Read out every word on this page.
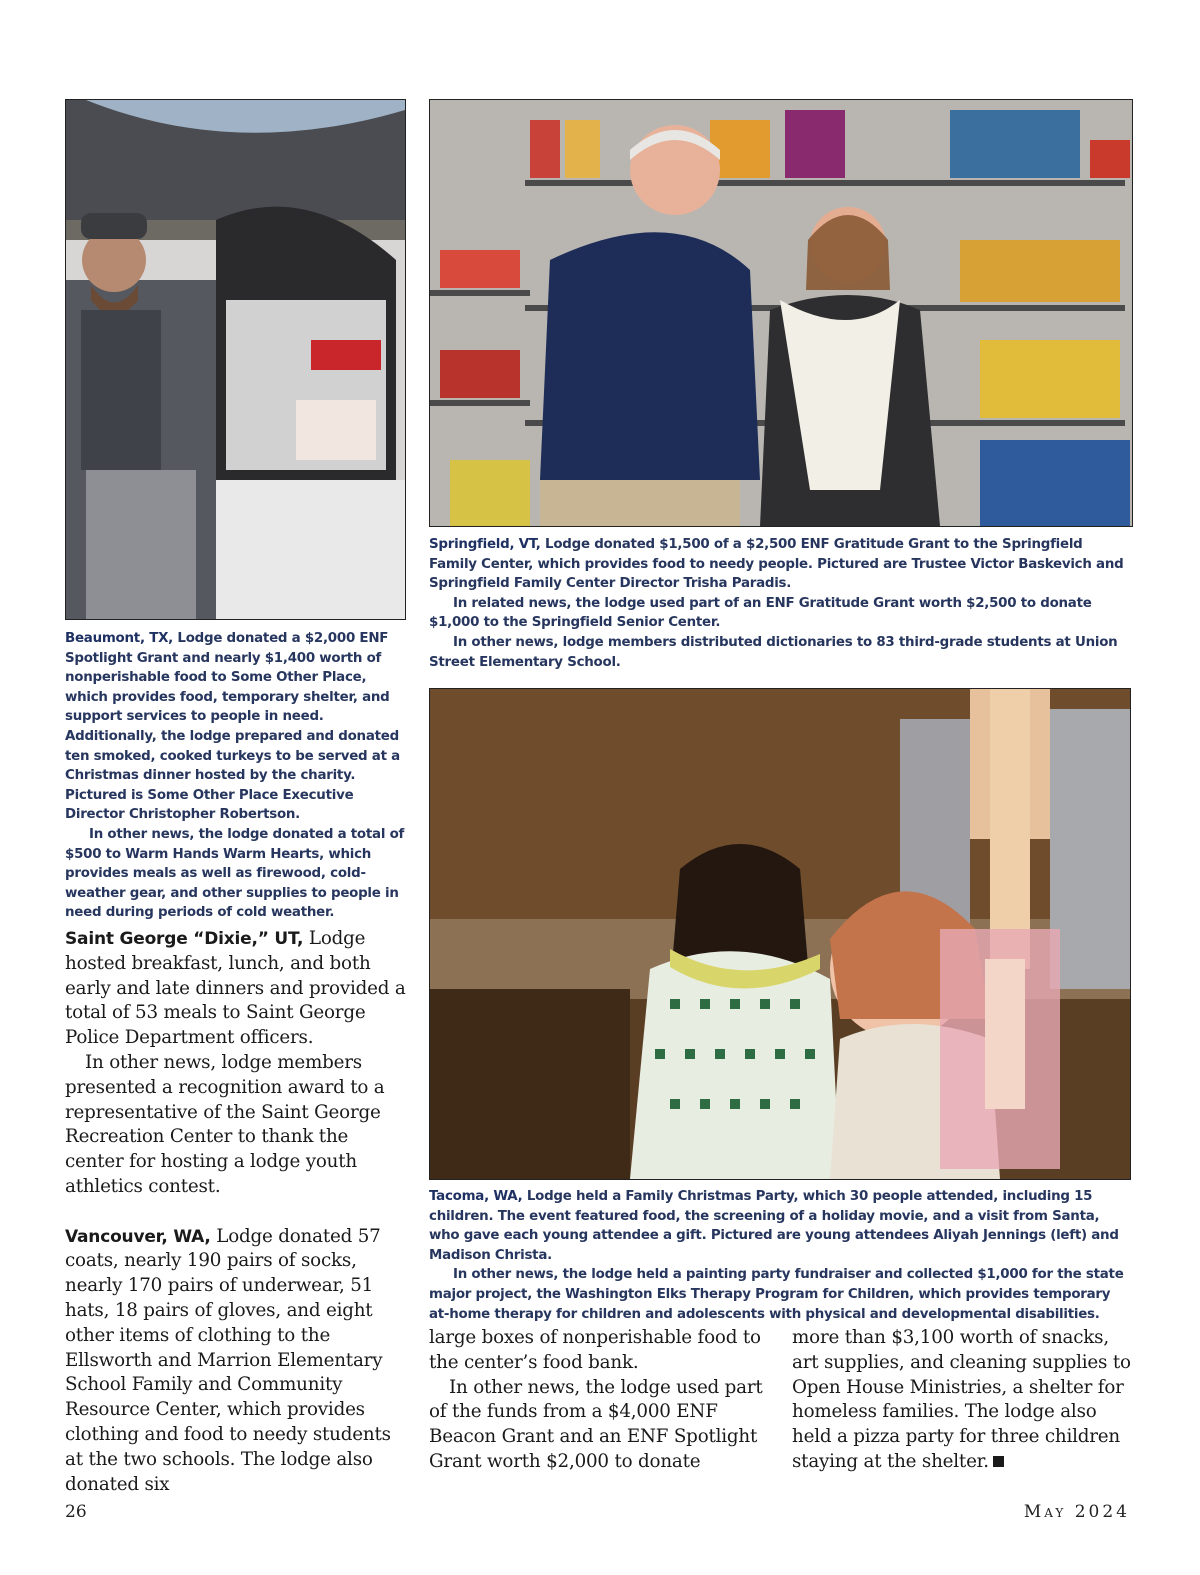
Springfield, VT, Lodge donated $1,500 of a $2,500 ENF Gratitude Grant to the Springfield Family Center, which provides food to needy people. Pictured are Trustee Victor Baskevich and Springfield Family Center Director Trisha Paradis.

In related news, the lodge used part of an ENF Gratitude Grant worth $2,500 to donate $1,000 to the Springfield Senior Center.

In other news, lodge members distributed dictionaries to 83 third-grade students at Union Street Elementary School.

Beaumont, TX, Lodge donated a $2,000 ENF Spotlight Grant and nearly $1,400 worth of nonperishable food to Some Other Place, which provides food, temporary shelter, and support services to people in need. Additionally, the lodge prepared and donated ten smoked, cooked turkeys to be served at a Christmas dinner hosted by the charity. Pictured is Some Other Place Executive Director Christopher Robertson.

In other news, the lodge donated a total of $500 to Warm Hands Warm Hearts, which provides meals as well as firewood, cold-weather gear, and other supplies to people in need during periods of cold weather.

Tacoma, WA, Lodge held a Family Christmas Party, which 30 people attended, including 15 children. The event featured food, the screening of a holiday movie, and a visit from Santa, who gave each young attendee a gift. Pictured are young attendees Aliyah Jennings (left) and Madison Christa.

In other news, the lodge held a painting party fundraiser and collected $1,000 for the state major project, the Washington Elks Therapy Program for Children, which provides temporary at-home therapy for children and adolescents with physical and developmental disabilities.

Saint George “Dixie,” UT, Lodge hosted breakfast, lunch, and both early and late dinners and provided a total of 53 meals to Saint George Police Department officers.

In other news, lodge members presented a recognition award to a representative of the Saint George Recreation Center to thank the center for hosting a lodge youth athletics contest.

Vancouver, WA, Lodge donated 57 coats, nearly 190 pairs of socks, nearly 170 pairs of underwear, 51 hats, 18 pairs of gloves, and eight other items of clothing to the Ellsworth and Marrion Elementary School Family and Community Resource Center, which provides clothing and food to needy students at the two schools. The lodge also donated six

large boxes of nonperishable food to the center’s food bank.

In other news, the lodge used part of the funds from a $4,000 ENF Beacon Grant and an ENF Spotlight Grant worth $2,000 to donate

more than $3,100 worth of snacks, art supplies, and cleaning supplies to Open House Ministries, a shelter for homeless families. The lodge also held a pizza party for three children staying at the shelter.

26	May 2024
